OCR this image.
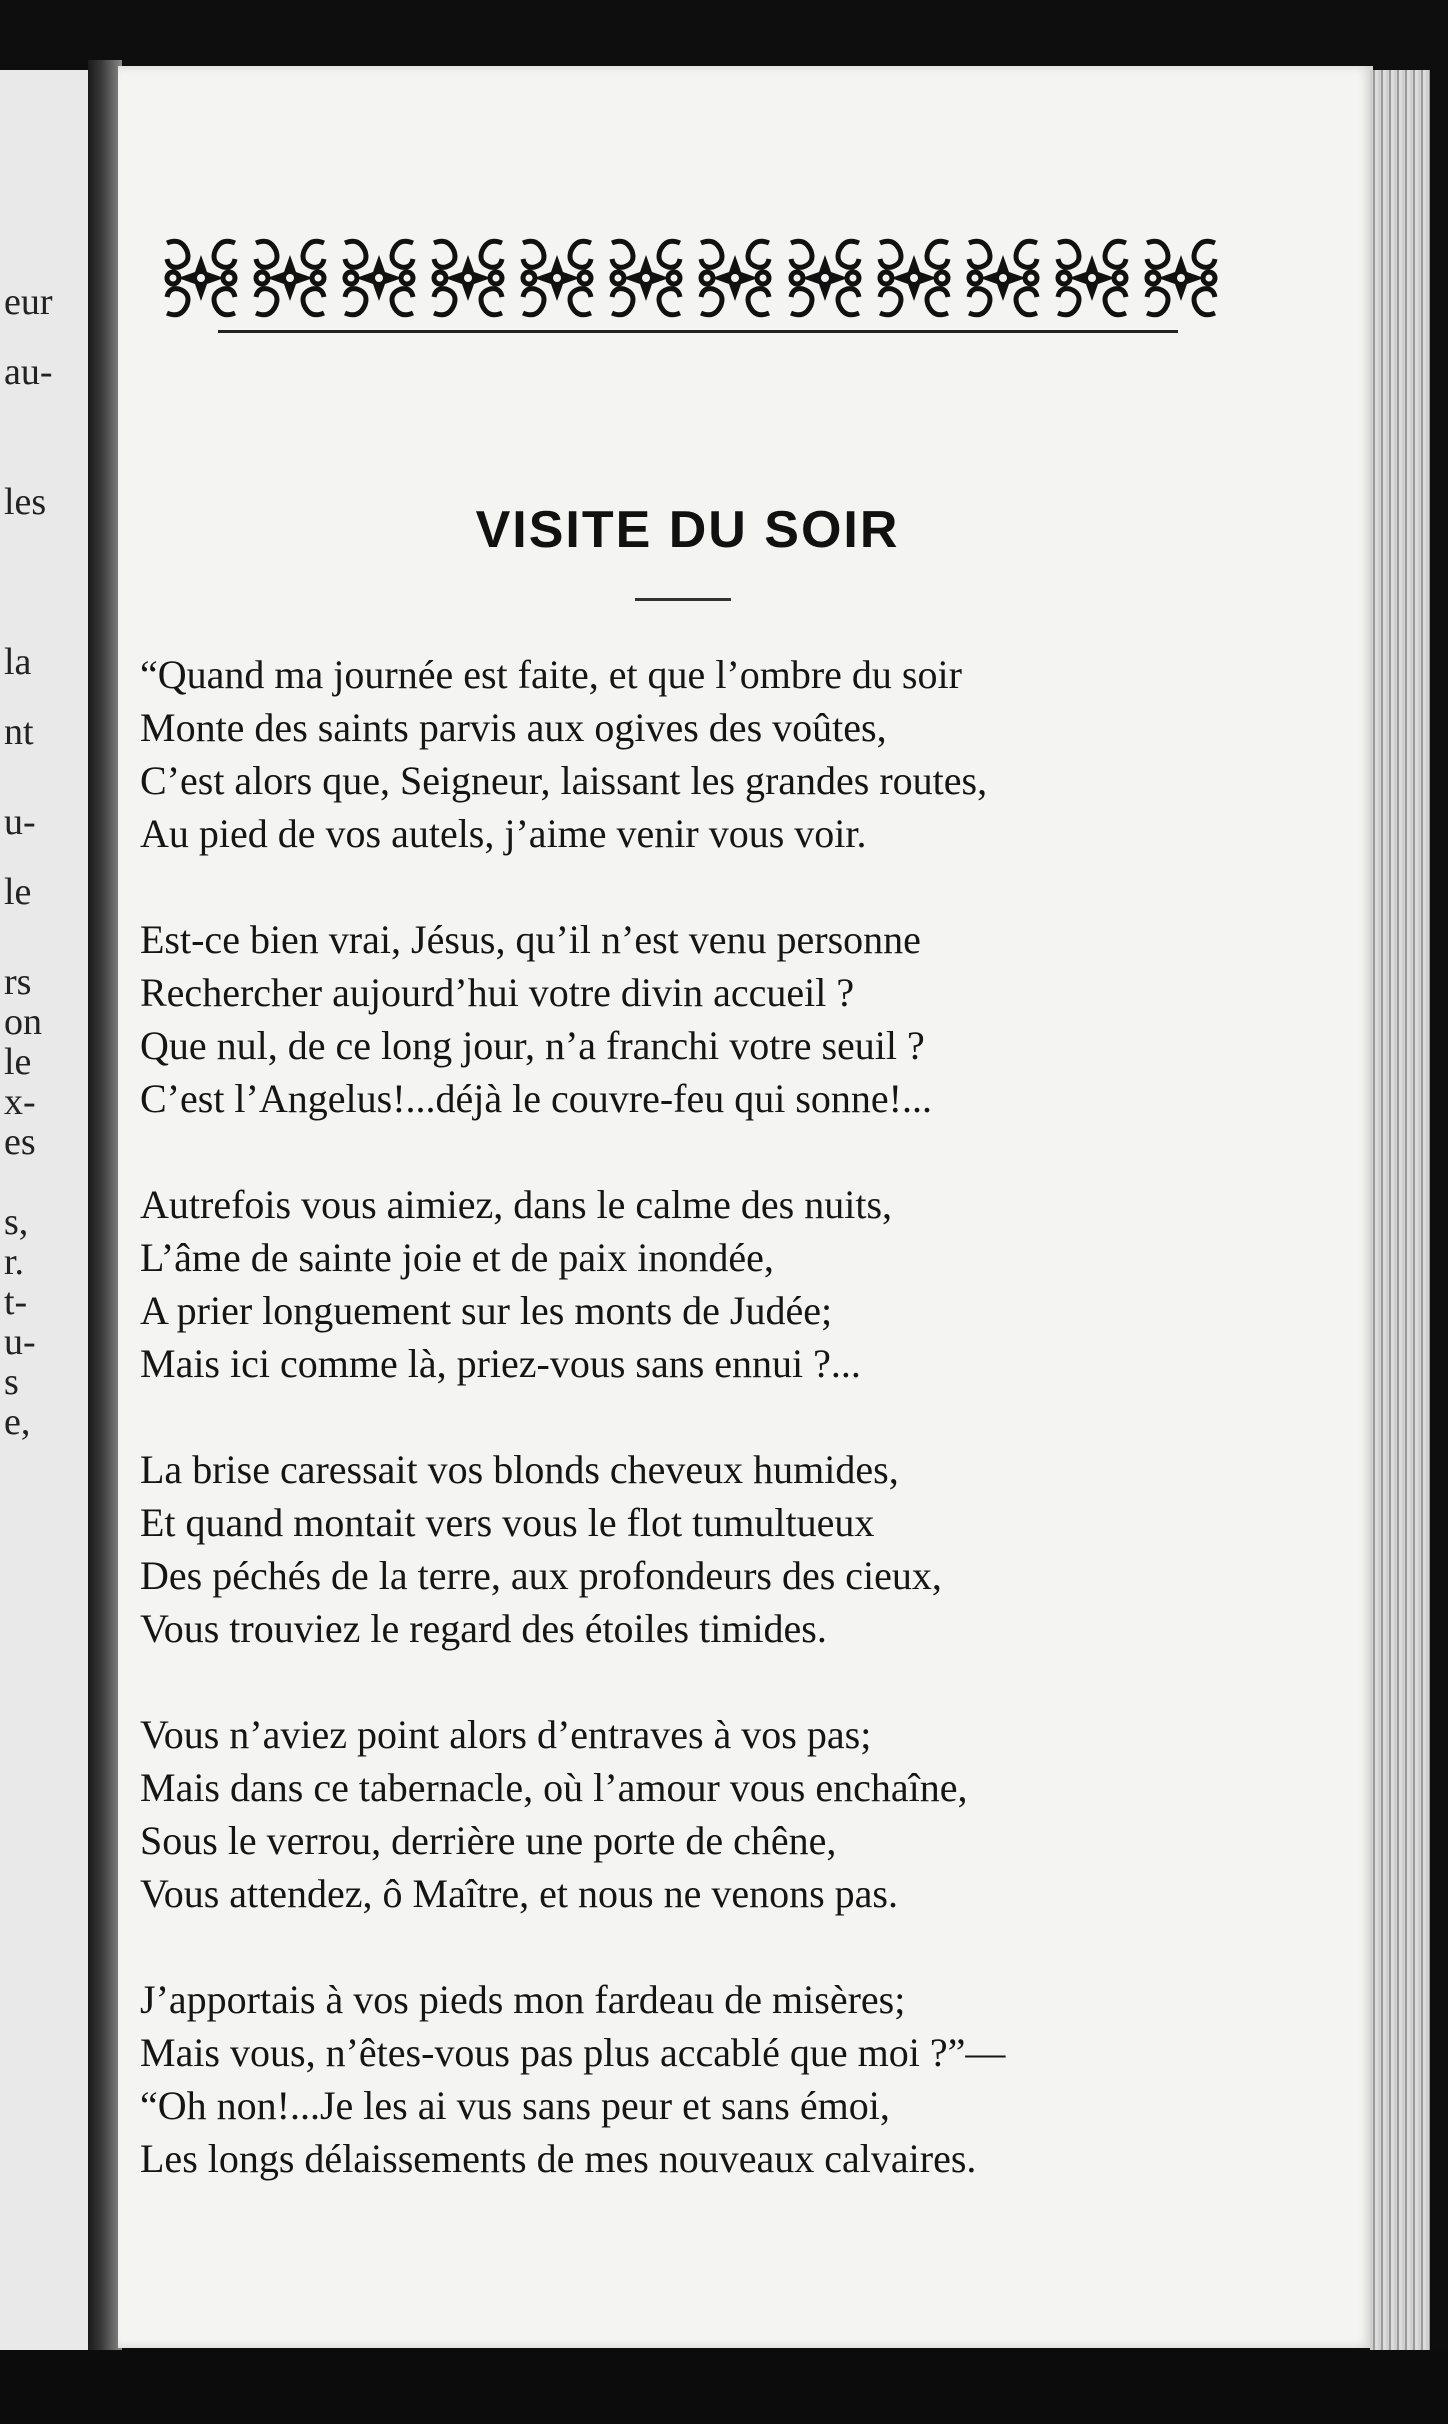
eur
au-
les
la
nt
u-
le
rs
on
le
x-
es
s,
r.
t-
u-
s
e,
VISITE DU SOIR
“Quand ma journée est faite, et que l’ombre du soir
Monte des saints parvis aux ogives des voûtes,
C’est alors que, Seigneur, laissant les grandes routes,
Au pied de vos autels, j’aime venir vous voir.
Est-ce bien vrai, Jésus, qu’il n’est venu personne
Rechercher aujourd’hui votre divin accueil ?
Que nul, de ce long jour, n’a franchi votre seuil ?
C’est l’Angelus!...déjà le couvre-feu qui sonne!...
Autrefois vous aimiez, dans le calme des nuits,
L’âme de sainte joie et de paix inondée,
A prier longuement sur les monts de Judée;
Mais ici comme là, priez-vous sans ennui ?...
La brise caressait vos blonds cheveux humides,
Et quand montait vers vous le flot tumultueux
Des péchés de la terre, aux profondeurs des cieux,
Vous trouviez le regard des étoiles timides.
Vous n’aviez point alors d’entraves à vos pas;
Mais dans ce tabernacle, où l’amour vous enchaîne,
Sous le verrou, derrière une porte de chêne,
Vous attendez, ô Maître, et nous ne venons pas.
J’apportais à vos pieds mon fardeau de misères;
Mais vous, n’êtes-vous pas plus accablé que moi ?”—
“Oh non!...Je les ai vus sans peur et sans émoi,
Les longs délaissements de mes nouveaux calvaires.
